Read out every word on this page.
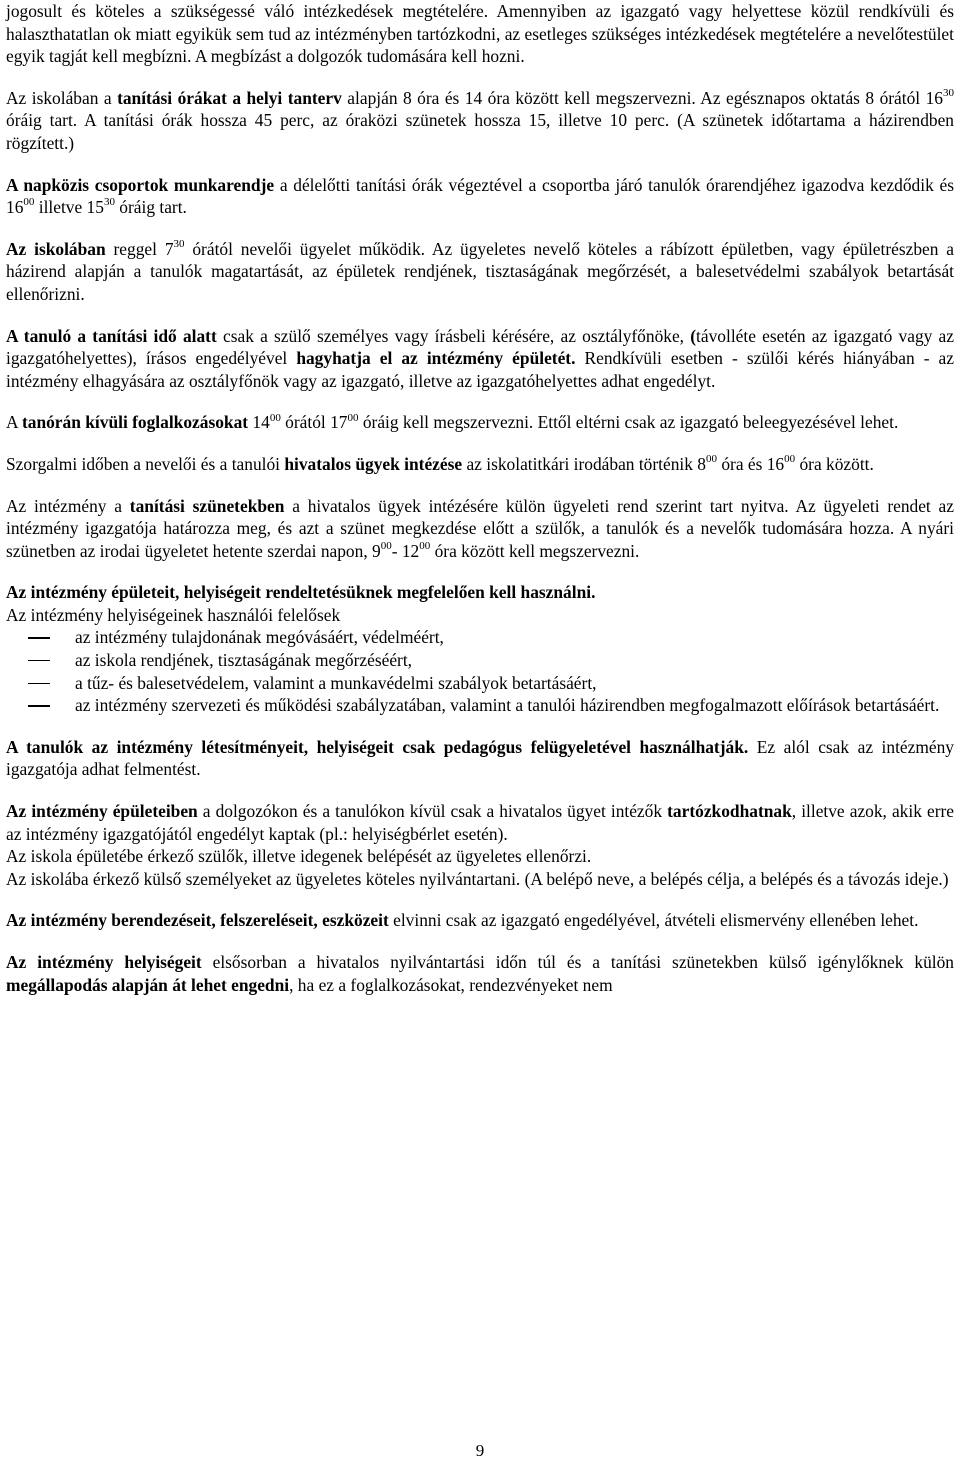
jogosult és köteles a szükségessé váló intézkedések megtételére. Amennyiben az igazgató vagy helyettese közül rendkívüli és halaszthatatlan ok miatt egyikük sem tud az intézményben tartózkodni, az esetleges szükséges intézkedések megtételére a nevelőtestület egyik tagját kell megbízni. A megbízást a dolgozók tudomására kell hozni.

Az iskolában a tanítási órákat a helyi tanterv alapján 8 óra és 14 óra között kell megszervezni. Az egésznapos oktatás 8 órától $16^{30}$ óráig tart. A tanítási órák hossza 45 perc, az óraközi szünetek hossza 15, illetve 10 perc. (A szünetek időtartama a házirendben rögzített.)

A napközis csoportok munkarendje a délelőtti tanítási órák végeztével a csoportba járó tanulók órarendjéhez igazodva kezdődik és $16^{00}$ illetve $15^{30}$ óráig tart.

Az iskolában reggel $7^{30}$ órától nevelői ügyelet működik. Az ügyeletes nevelő köteles a rábízott épületben, vagy épületrészben a házirend alapján a tanulók magatartását, az épületek rendjének, tisztaságának megőrzését, a balesetvédelmi szabályok betartását ellenőrizni.

A tanuló a tanítási idő alatt csak a szülő személyes vagy írásbeli kérésére, az osztályfőnöke, (távolléte esetén az igazgató vagy az igazgatóhelyettes), írásos engedélyével hagyhatja el az intézmény épületét. Rendkívüli esetben - szülői kérés hiányában - az intézmény elhagyására az osztályfőnök vagy az igazgató, illetve az igazgatóhelyettes adhat engedélyt.

A tanórán kívüli foglalkozásokat $14^{00}$ órától $17^{00}$ óráig kell megszervezni. Ettől eltérni csak az igazgató beleegyezésével lehet.

Szorgalmi időben a nevelői és a tanulói hivatalos ügyek intézése az iskolatitkári irodában történik $8^{00}$ óra és $16^{00}$ óra között.

Az intézmény a tanítási szünetekben a hivatalos ügyek intézésére külön ügyeleti rend szerint tart nyitva. Az ügyeleti rendet az intézmény igazgatója határozza meg, és azt a szünet megkezdése előtt a szülők, a tanulók és a nevelők tudomására hozza. A nyári szünetben az irodai ügyeletet hetente szerdai napon, $9^{00}-$ $12^{00}$ óra között kell megszervezni.

Az intézmény épületeit, helyiségeit rendeltetésüknek megfelelően kell használni.

Az intézmény helyiségeinek használói felelősek

az intézmény tulajdonának megóvásáért, védelméért,
az iskola rendjének, tisztaságának megőrzéséért,
a tűz- és balesetvédelem, valamint a munkavédelmi szabályok betartásáért,
az intézmény szervezeti és működési szabályzatában, valamint a tanulói házirendben megfogalmazott előírások betartásáért.

A tanulók az intézmény létesítményeit, helyiségeit csak pedagógus felügyeletével használhatják. Ez alól csak az intézmény igazgatója adhat felmentést.

Az intézmény épületeiben a dolgozókon és a tanulókon kívül csak a hivatalos ügyet intézők tartózkodhatnak, illetve azok, akik erre az intézmény igazgatójától engedélyt kaptak (pl.: helyiségbérlet esetén).

Az iskola épületébe érkező szülők, illetve idegenek belépését az ügyeletes ellenőrzi.

Az iskolába érkező külső személyeket az ügyeletes köteles nyilvántartani. (A belépő neve, a belépés célja, a belépés és a távozás ideje.)

Az intézmény berendezéseit, felszereléseit, eszközeit elvinni csak az igazgató engedélyével, átvételi elismervény ellenében lehet.

Az intézmény helyiségeit elsősorban a hivatalos nyilvántartási időn túl és a tanítási szünetekben külső igénylőknek külön megállapodás alapján át lehet engedni, ha ez a foglalkozásokat, rendezvényeket nem

9
